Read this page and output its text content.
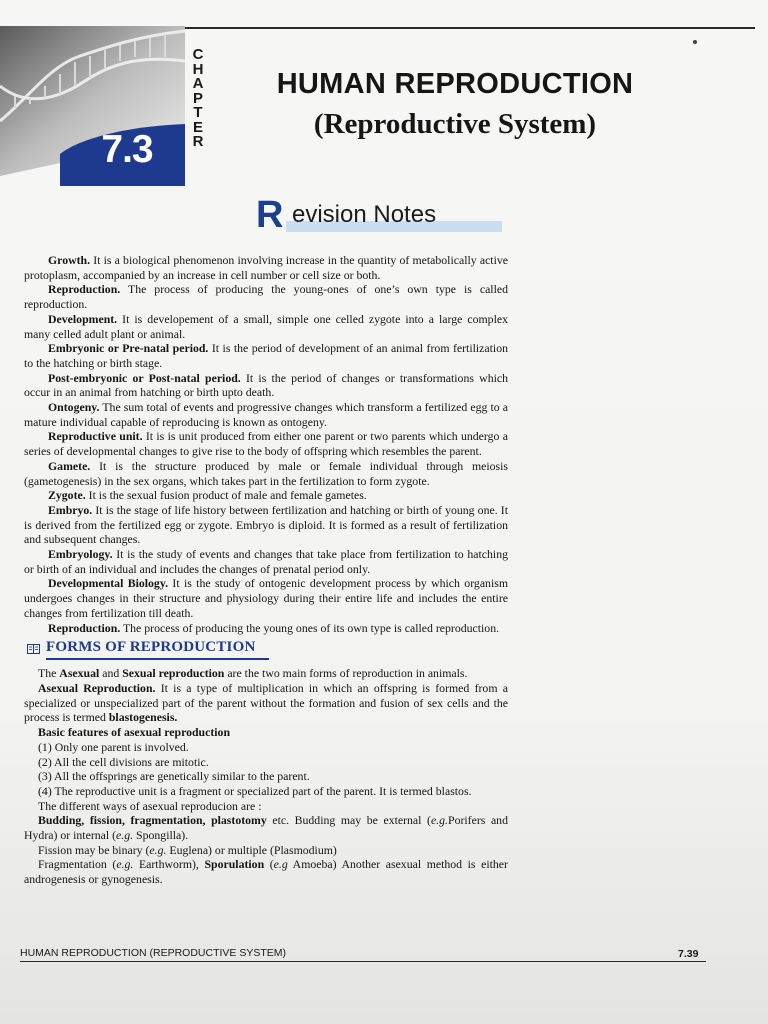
7.3
C
H
A
P
T
E
R
HUMAN REPRODUCTION
(Reproductive System)
R evision Notes

Growth. It is a biological phenomenon involving increase in the quantity of metabolically active protoplasm, accompanied by an increase in cell number or cell size or both.

Reproduction. The process of producing the young-ones of one’s own type is called reproduction.

Development. It is developement of a small, simple one celled zygote into a large complex many celled adult plant or animal.

Embryonic or Pre-natal period. It is the period of development of an animal from fertilization to the hatching or birth stage.

Post-embryonic or Post-natal period. It is the period of changes or transformations which occur in an animal from hatching or birth upto death.

Ontogeny. The sum total of events and progressive changes which transform a fertilized egg to a mature individual capable of reproducing is known as ontogeny.

Reproductive unit. It is is unit produced from either one parent or two parents which undergo a series of developmental changes to give rise to the body of offspring which resembles the parent.

Gamete. It is the structure produced by male or female individual through meiosis (gametogenesis) in the sex organs, which takes part in the fertilization to form zygote.

Zygote. It is the sexual fusion product of male and female gametes.

Embryo. It is the stage of life history between fertilization and hatching or birth of young one. It is derived from the fertilized egg or zygote. Embryo is diploid. It is formed as a result of fertilization and subsequent changes.

Embryology. It is the study of events and changes that take place from fertilization to hatching or birth of an individual and includes the changes of prenatal period only.

Developmental Biology. It is the study of ontogenic development process by which organism undergoes changes in their structure and physiology during their entire life and includes the entire changes from fertilization till death.

Reproduction. The process of producing the young ones of its own type is called reproduction.

FORMS OF REPRODUCTION

The Asexual and Sexual reproduction are the two main forms of reproduction in animals.

Asexual Reproduction. It is a type of multiplication in which an offspring is formed from a specialized or unspecialized part of the parent without the formation and fusion of sex cells and the process is termed blastogenesis.

Basic features of asexual reproduction

(1) Only one parent is involved.

(2) All the cell divisions are mitotic.

(3) All the offsprings are genetically similar to the parent.

(4) The reproductive unit is a fragment or specialized part of the parent. It is termed blastos.

The different ways of asexual reproducion are :

Budding, fission, fragmentation, plastotomy etc. Budding may be external (e.g.Porifers and Hydra) or internal (e.g. Spongilla).

Fission may be binary (e.g. Euglena) or multiple (Plasmodium)

Fragmentation (e.g. Earthworm), Sporulation (e.g Amoeba) Another asexual method is either androgenesis or gynogenesis.

HUMAN REPRODUCTION (REPRODUCTIVE SYSTEM)	7.39
